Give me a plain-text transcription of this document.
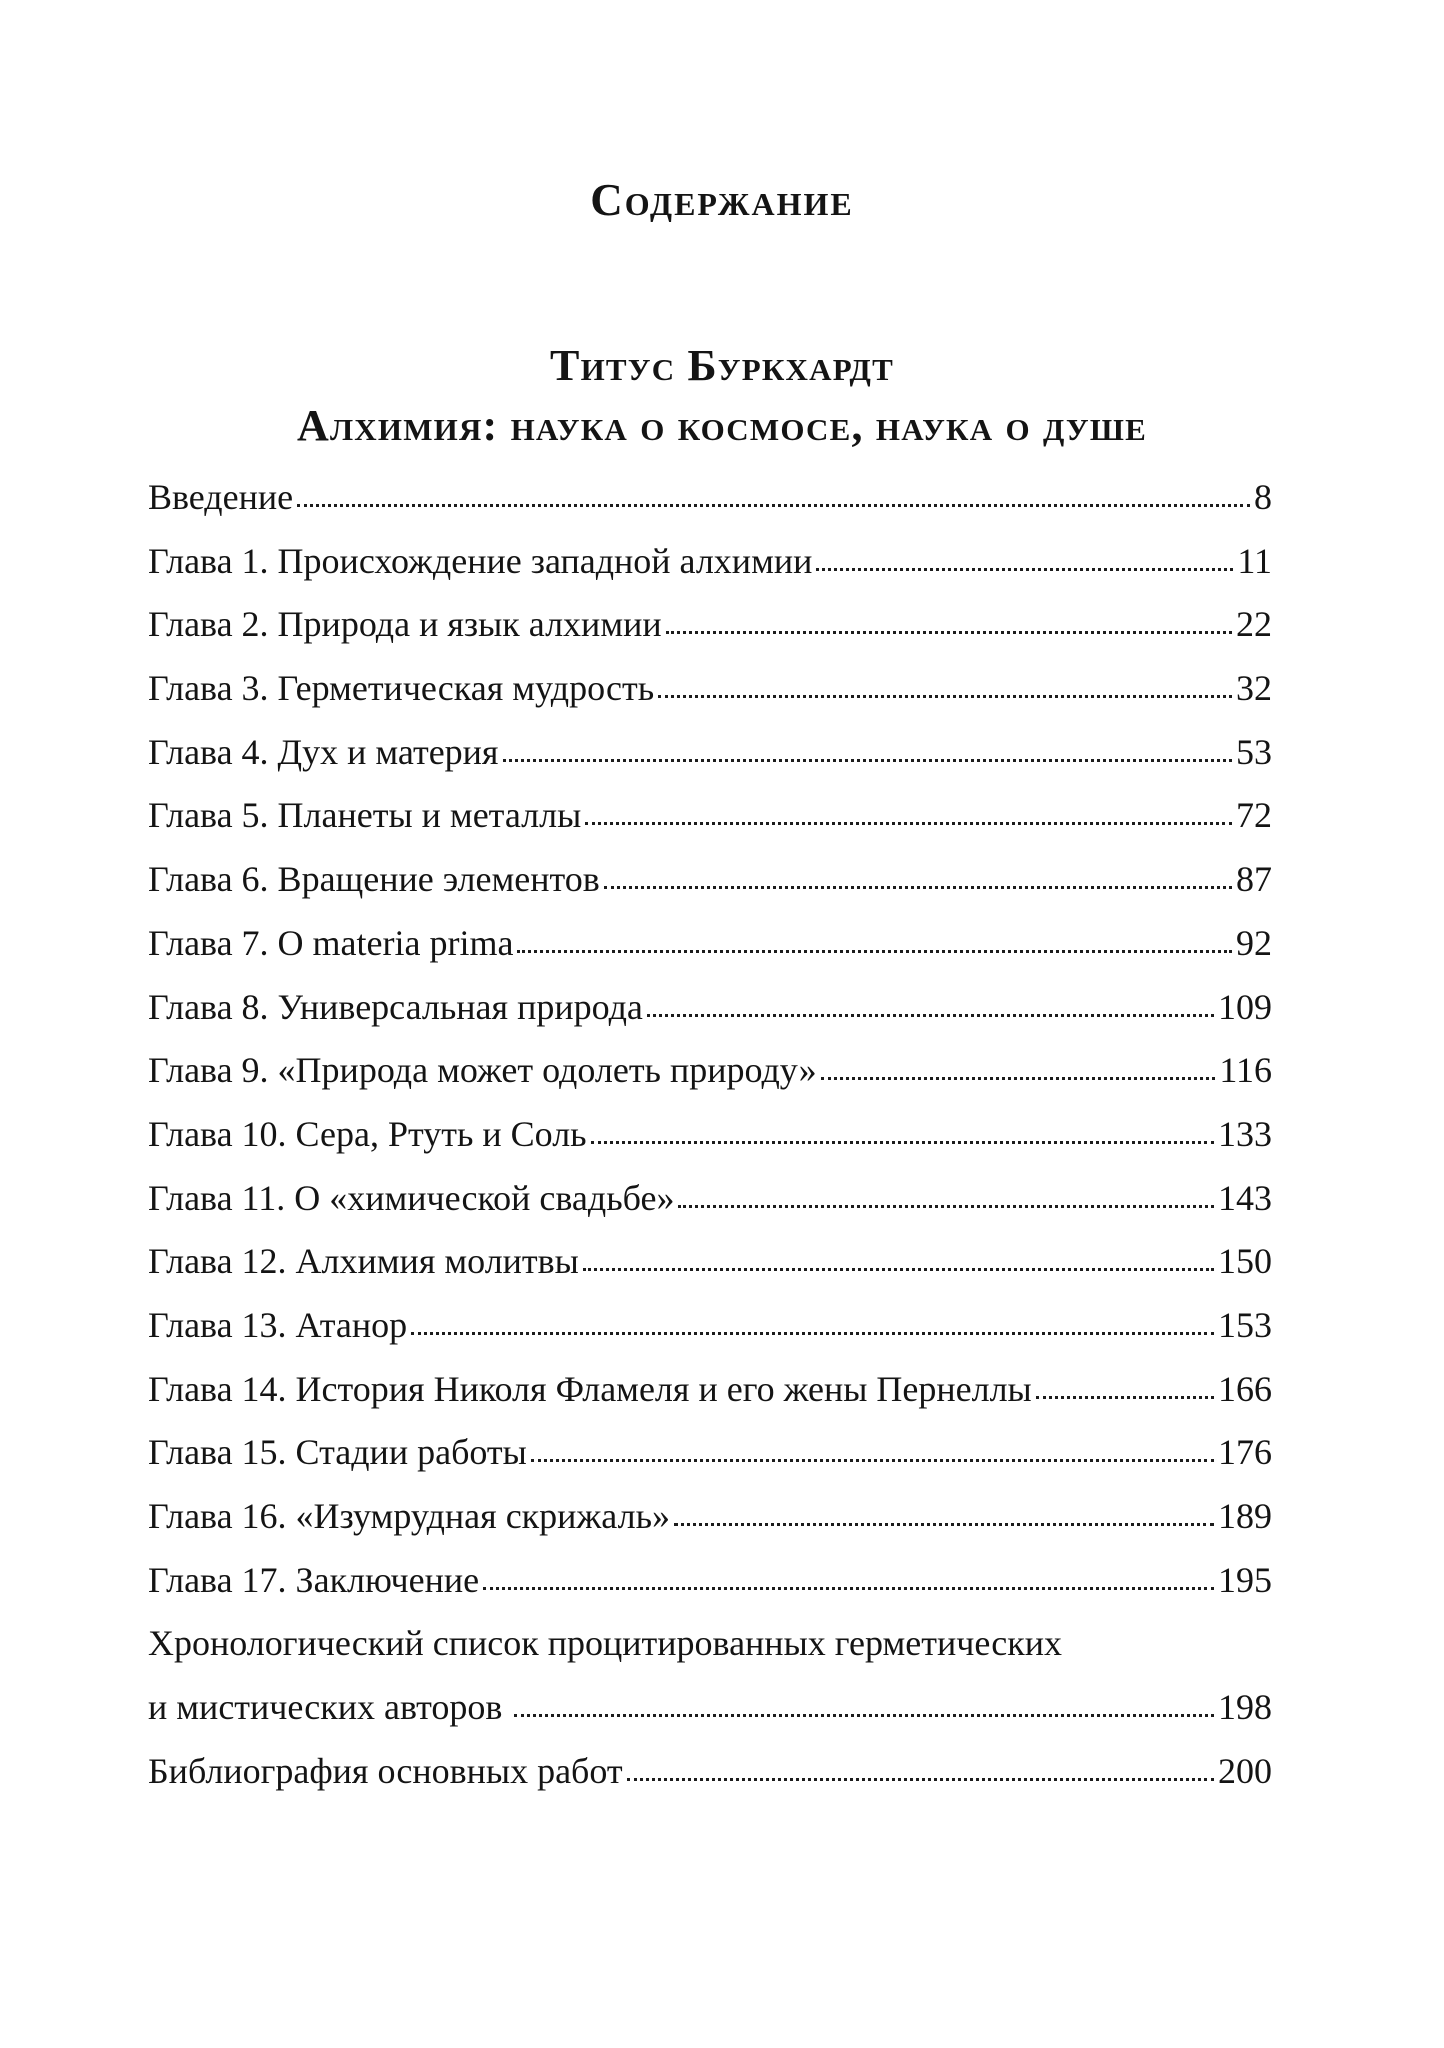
Содержание
Титус Буркхардт
Алхимия: наука о космосе, наука о душе
Введение	8
Глава 1. Происхождение западной алхимии	11
Глава 2. Природа и язык алхимии	22
Глава 3. Герметическая мудрость	32
Глава 4. Дух и материя	53
Глава 5. Планеты и металлы	72
Глава 6. Вращение элементов	87
Глава 7. О materia prima	92
Глава 8. Универсальная природа	109
Глава 9. «Природа может одолеть природу»	116
Глава 10. Сера, Ртуть и Соль	133
Глава 11. О «химической свадьбе»	143
Глава 12. Алхимия молитвы	150
Глава 13. Атанор	153
Глава 14. История Николя Фламеля и его жены Пернеллы	166
Глава 15. Стадии работы	176
Глава 16. «Изумрудная скрижаль»	189
Глава 17. Заключение	195
Хронологический список процитированных герметических
и мистических авторов	198
Библиография основных работ	200
